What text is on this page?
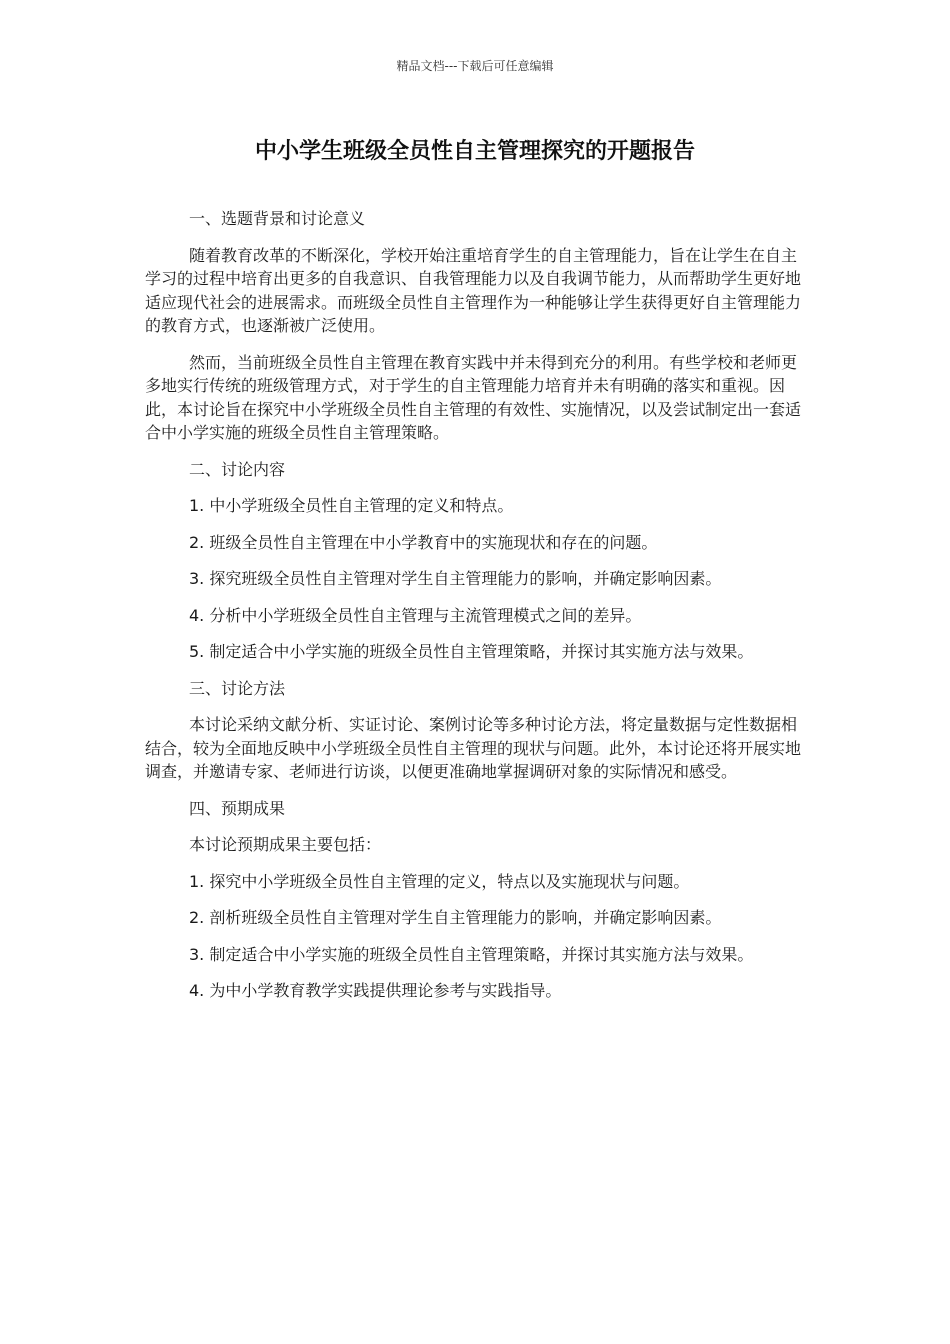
精品文档---下载后可任意编辑
中小学生班级全员性自主管理探究的开题报告

一、选题背景和讨论意义

随着教育改革的不断深化，学校开始注重培育学生的自主管理能力，旨在让学生在自主学习的过程中培育出更多的自我意识、自我管理能力以及自我调节能力，从而帮助学生更好地适应现代社会的进展需求。而班级全员性自主管理作为一种能够让学生获得更好自主管理能力的教育方式，也逐渐被广泛使用。

然而，当前班级全员性自主管理在教育实践中并未得到充分的利用。有些学校和老师更多地实行传统的班级管理方式，对于学生的自主管理能力培育并未有明确的落实和重视。因此，本讨论旨在探究中小学班级全员性自主管理的有效性、实施情况，以及尝试制定出一套适合中小学实施的班级全员性自主管理策略。

二、讨论内容

1. 中小学班级全员性自主管理的定义和特点。

2. 班级全员性自主管理在中小学教育中的实施现状和存在的问题。

3. 探究班级全员性自主管理对学生自主管理能力的影响，并确定影响因素。

4. 分析中小学班级全员性自主管理与主流管理模式之间的差异。

5. 制定适合中小学实施的班级全员性自主管理策略，并探讨其实施方法与效果。

三、讨论方法

本讨论采纳文献分析、实证讨论、案例讨论等多种讨论方法，将定量数据与定性数据相结合，较为全面地反映中小学班级全员性自主管理的现状与问题。此外，本讨论还将开展实地调查，并邀请专家、老师进行访谈，以便更准确地掌握调研对象的实际情况和感受。

四、预期成果

本讨论预期成果主要包括：

1. 探究中小学班级全员性自主管理的定义，特点以及实施现状与问题。

2. 剖析班级全员性自主管理对学生自主管理能力的影响，并确定影响因素。

3. 制定适合中小学实施的班级全员性自主管理策略，并探讨其实施方法与效果。

4. 为中小学教育教学实践提供理论参考与实践指导。
